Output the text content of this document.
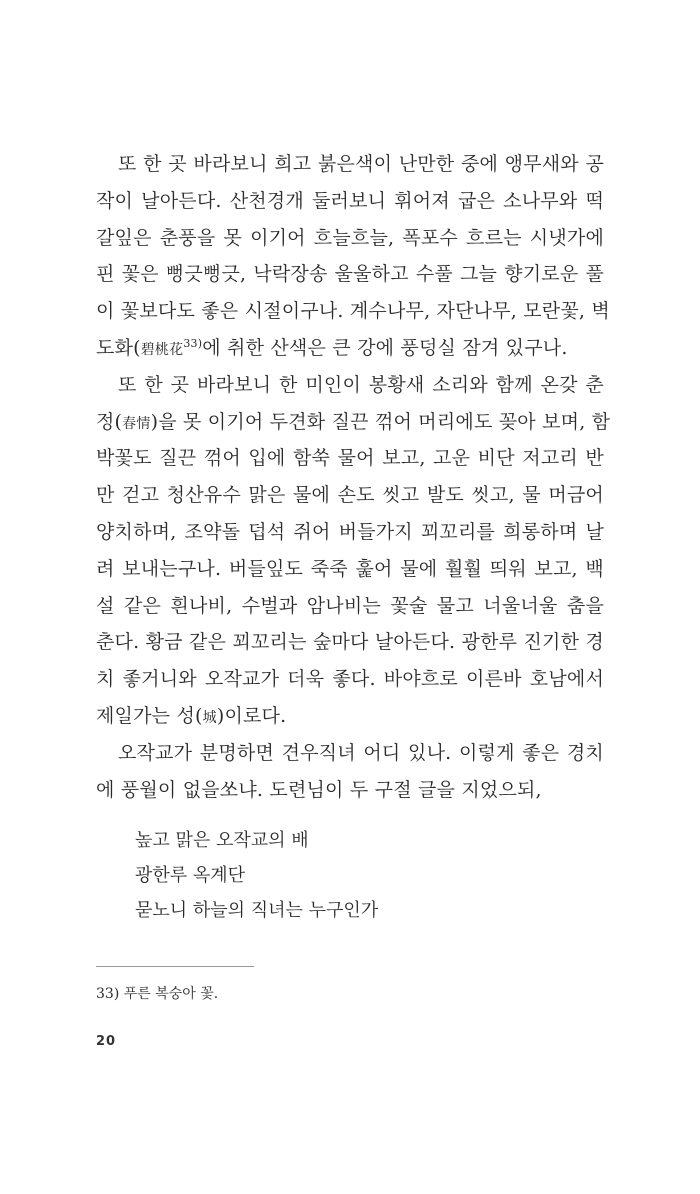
또 한 곳 바라보니 희고 붉은색이 난만한 중에 앵무새와 공
작이 날아든다. 산천경개 둘러보니 휘어져 굽은 소나무와 떡
갈잎은 춘풍을 못 이기어 흐늘흐늘, 폭포수 흐르는 시냇가에
핀 꽃은 뻥긋뻥긋, 낙락장송 울울하고 수풀 그늘 향기로운 풀
이 꽃보다도 좋은 시절이구나. 계수나무, 자단나무, 모란꽃, 벽
도화(碧桃花$^{33)}$에 취한 산색은 큰 강에 풍덩실 잠겨 있구나.
또 한 곳 바라보니 한 미인이 봉황새 소리와 함께 온갖 춘
정(春情)을 못 이기어 두견화 질끈 꺾어 머리에도 꽂아 보며, 함
박꽃도 질끈 꺾어 입에 함쑥 물어 보고, 고운 비단 저고리 반
만 걷고 청산유수 맑은 물에 손도 씻고 발도 씻고, 물 머금어
양치하며, 조약돌 덥석 쥐어 버들가지 꾀꼬리를 희롱하며 날
려 보내는구나. 버들잎도 죽죽 훑어 물에 훨훨 띄워 보고, 백
설 같은 흰나비, 수벌과 암나비는 꽃술 물고 너울너울 춤을
춘다. 황금 같은 꾀꼬리는 숲마다 날아든다. 광한루 진기한 경
치 좋거니와 오작교가 더욱 좋다. 바야흐로 이른바 호남에서
제일가는 성(城)이로다.
오작교가 분명하면 견우직녀 어디 있나. 이렇게 좋은 경치
에 풍월이 없을쏘냐. 도련님이 두 구절 글을 지었으되,
높고 맑은 오작교의 배
광한루 옥계단
묻노니 하늘의 직녀는 누구인가
33) 푸른 복숭아 꽃.
20
